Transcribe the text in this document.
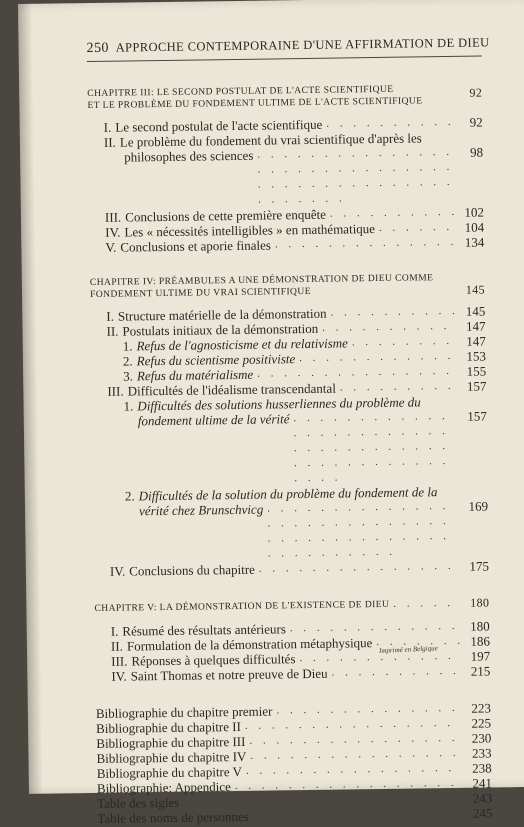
250 APPROCHE CONTEMPORAINE D'UNE AFFIRMATION DE DIEU
CHAPITRE III: LE SECOND POSTULAT DE L'ACTE SCIENTIFIQUE
ET LE PROBLÈME DU FONDEMENT ULTIME DE L'ACTE SCIENTIFIQUE
92
I. Le second postulat de l'acte scientifique . . .	92
II. Le problème du fondement du vrai scientifique d'après les
philosophes des sciences . . .	98
III. Conclusions de cette première enquête . . .	102
IV. Les « nécessités intelligibles » en mathématique . . .	104
V. Conclusions et aporie finales . . .	134
CHAPITRE IV: PRÉAMBULES A UNE DÉMONSTRATION DE DIEU COMME
FONDEMENT ULTIME DU VRAI SCIENTIFIQUE	145
I. Structure matérielle de la démonstration . . .	145
II. Postulats initiaux de la démonstration . . .	147
1. Refus de l'agnosticisme et du relativisme . . .	147
2. Refus du scientisme positiviste . . .	153
3. Refus du matérialisme . . .	155
III. Difficultés de l'idéalisme transcendantal . . .	157
1. Difficultés des solutions husserliennes du problème du
fondement ultime de la vérité . . .	157
2. Difficultés de la solution du problème du fondement de la
vérité chez Brunschvicg . . .	169
IV. Conclusions du chapitre . . .	175
CHAPITRE V: LA DÉMONSTRATION DE L'EXISTENCE DE DIEU . . .	180
I. Résumé des résultats antérieurs . . .	180
II. Formulation de la démonstration métaphysique . . .	186
III. Réponses à quelques difficultés . . .	197
IV. Saint Thomas et notre preuve de Dieu . . .	215
Bibliographie du chapitre premier . . .	223
Bibliographie du chapitre II . . .	225
Bibliographie du chapitre III . . .	230
Bibliographie du chapitre IV . . .	233
Bibliographie du chapitre V . . .	238
Bibliographie: Appendice . . .	241
Table des sigles . . .	243
Table des noms de personnes . . .	245
Imprimé en Belgique
